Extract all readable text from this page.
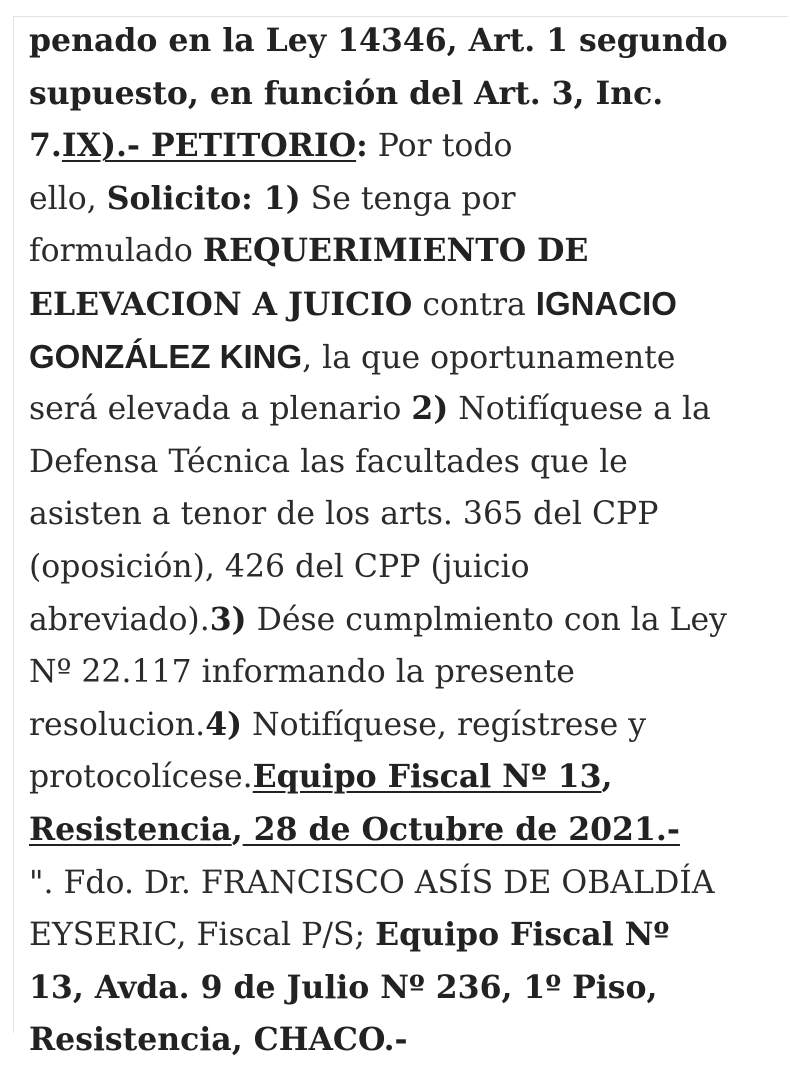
penado en la Ley 14346, Art. 1 segundo
supuesto, en función del Art. 3, Inc.
7.IX).- PETITORIO: Por todo
ello, Solicito: 1) Se tenga por
formulado REQUERIMIENTO DE
ELEVACION A JUICIO contra IGNACIO
GONZÁLEZ KING, la que oportunamente
será elevada a plenario 2) Notifíquese a la
Defensa Técnica las facultades que le
asisten a tenor de los arts. 365 del CPP
(oposición), 426 del CPP (juicio
abreviado).3) Dése cumplmiento con la Ley
Nº 22.117 informando la presente
resolucion.4) Notifíquese, regístrese y
protocolícese.Equipo Fiscal Nº 13,
Resistencia, 28 de Octubre de 2021.-
". Fdo. Dr. FRANCISCO ASÍS DE OBALDÍA
EYSERIC, Fiscal P/S; Equipo Fiscal Nº
13, Avda. 9 de Julio Nº 236, 1º Piso,
Resistencia, CHACO.-
